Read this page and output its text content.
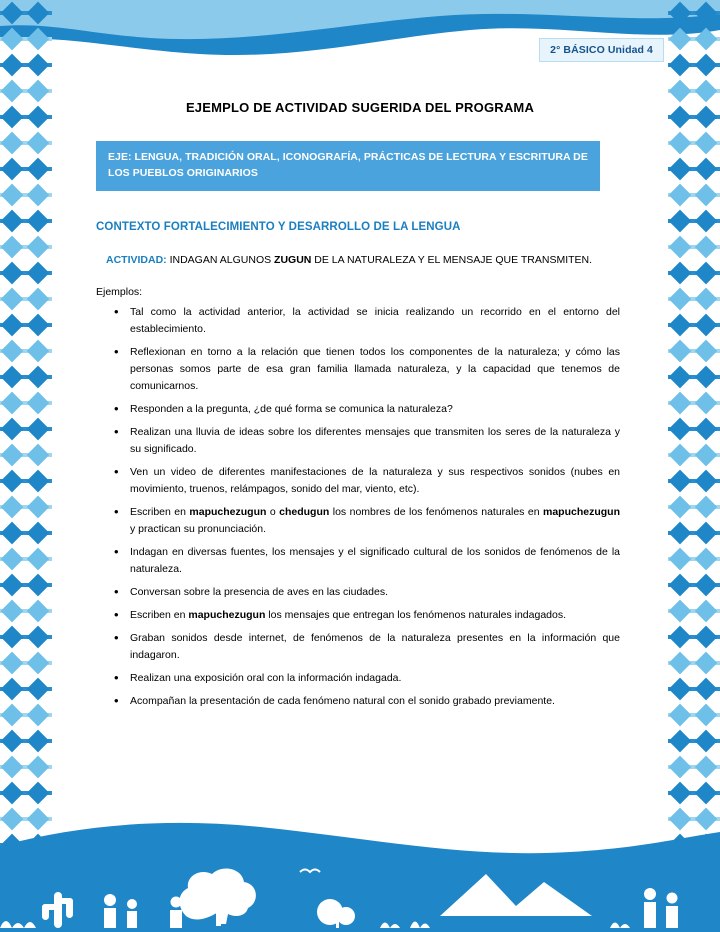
2° BÁSICO Unidad 4
EJEMPLO DE ACTIVIDAD SUGERIDA DEL PROGRAMA
EJE: LENGUA, TRADICIÓN ORAL, ICONOGRAFÍA, PRÁCTICAS DE LECTURA Y ESCRITURA DE LOS PUEBLOS ORIGINARIOS
CONTEXTO FORTALECIMIENTO Y DESARROLLO DE LA LENGUA
ACTIVIDAD: INDAGAN ALGUNOS ZUGUN DE LA NATURALEZA Y EL MENSAJE QUE TRANSMITEN.
Ejemplos:
• Tal como la actividad anterior, la actividad se inicia realizando un recorrido en el entorno del establecimiento.
• Reflexionan en torno a la relación que tienen todos los componentes de la naturaleza; y cómo las personas somos parte de esa gran familia llamada naturaleza, y la capacidad que tenemos de comunicarnos.
• Responden a la pregunta, ¿de qué forma se comunica la naturaleza?
• Realizan una lluvia de ideas sobre los diferentes mensajes que transmiten los seres de la naturaleza y su significado.
• Ven un video de diferentes manifestaciones de la naturaleza y sus respectivos sonidos (nubes en movimiento, truenos, relámpagos, sonido del mar, viento, etc).
• Escriben en mapuchezugun o chedugun los nombres de los fenómenos naturales en mapuchezugun y practican su pronunciación.
• Indagan en diversas fuentes, los mensajes y el significado cultural de los sonidos de fenómenos de la naturaleza.
• Conversan sobre la presencia de aves en las ciudades.
• Escriben en mapuchezugun los mensajes que entregan los fenómenos naturales indagados.
• Graban sonidos desde internet, de fenómenos de la naturaleza presentes en la información que indagaron.
• Realizan una exposición oral con la información indagada.
• Acompañan la presentación de cada fenómeno natural con el sonido grabado previamente.
